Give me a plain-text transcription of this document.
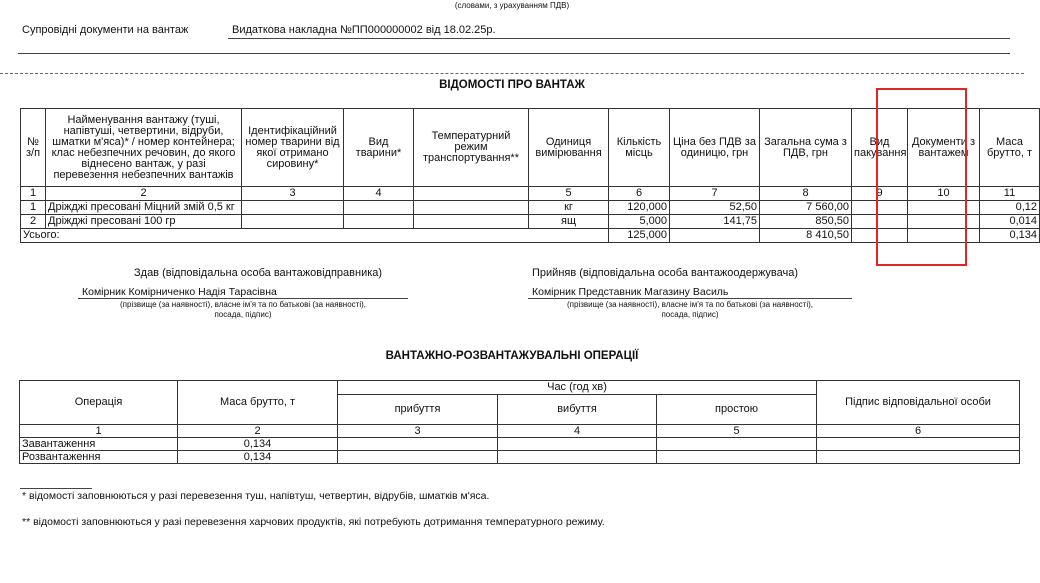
(словами, з урахуванням ПДВ)
Супровідні документи на вантаж	Видаткова накладна №ПП000000002 від 18.02.25р.
ВІДОМОСТІ ПРО ВАНТАЖ
№ з/п	Найменування вантажу (туші, напівтуші, четвертини, відруби, шматки м'яса)* / номер контейнера; клас небезпечних речовин, до якого віднесено вантаж, у разі перевезення небезпечних вантажів	Ідентифікаційний номер тварини від якої отримано сировину*	Вид тварини*	Температурний режим транспортування**	Одиниця вимірювання	Кількість місць	Ціна без ПДВ за одиницю, грн	Загальна сума з ПДВ, грн	Вид пакування	Документи з вантажем	Маса брутто, т
1	2	3	4		5	6	7	8	9	10	11
1	Дріжджі пресовані Міцний змій 0,5 кг				кг	120,000	52,50	7 560,00			0,12
2	Дріжджі пресовані 100 гр				ящ	5,000	141,75	850,50			0,014
Усього:						125,000		8 410,50			0,134
Здав (відповідальна особа вантажовідправника)
Комірник Комірниченко Надія Тарасівна
(прізвище (за наявності), власне ім'я та по батькові (за наявності),
посада, підпис)
Прийняв (відповідальна особа вантажоодержувача)
Комірник Представник Магазину Василь
(прізвище (за наявності), власне ім'я та по батькові (за наявності),
посада, підпис)
ВАНТАЖНО-РОЗВАНТАЖУВАЛЬНІ ОПЕРАЦІЇ
Операція	Маса брутто, т	Час (год хв)			Підпис відповідальної особи
		прибуття	вибуття	простою	
1	2	3	4	5	6
Завантаження	0,134				
Розвантаження	0,134				
* відомості заповнюються у разі перевезення туш, напівтуш, четвертин, відрубів, шматків м'яса.
** відомості заповнюються у разі перевезення харчових продуктів, які потребують дотримання температурного режиму.
